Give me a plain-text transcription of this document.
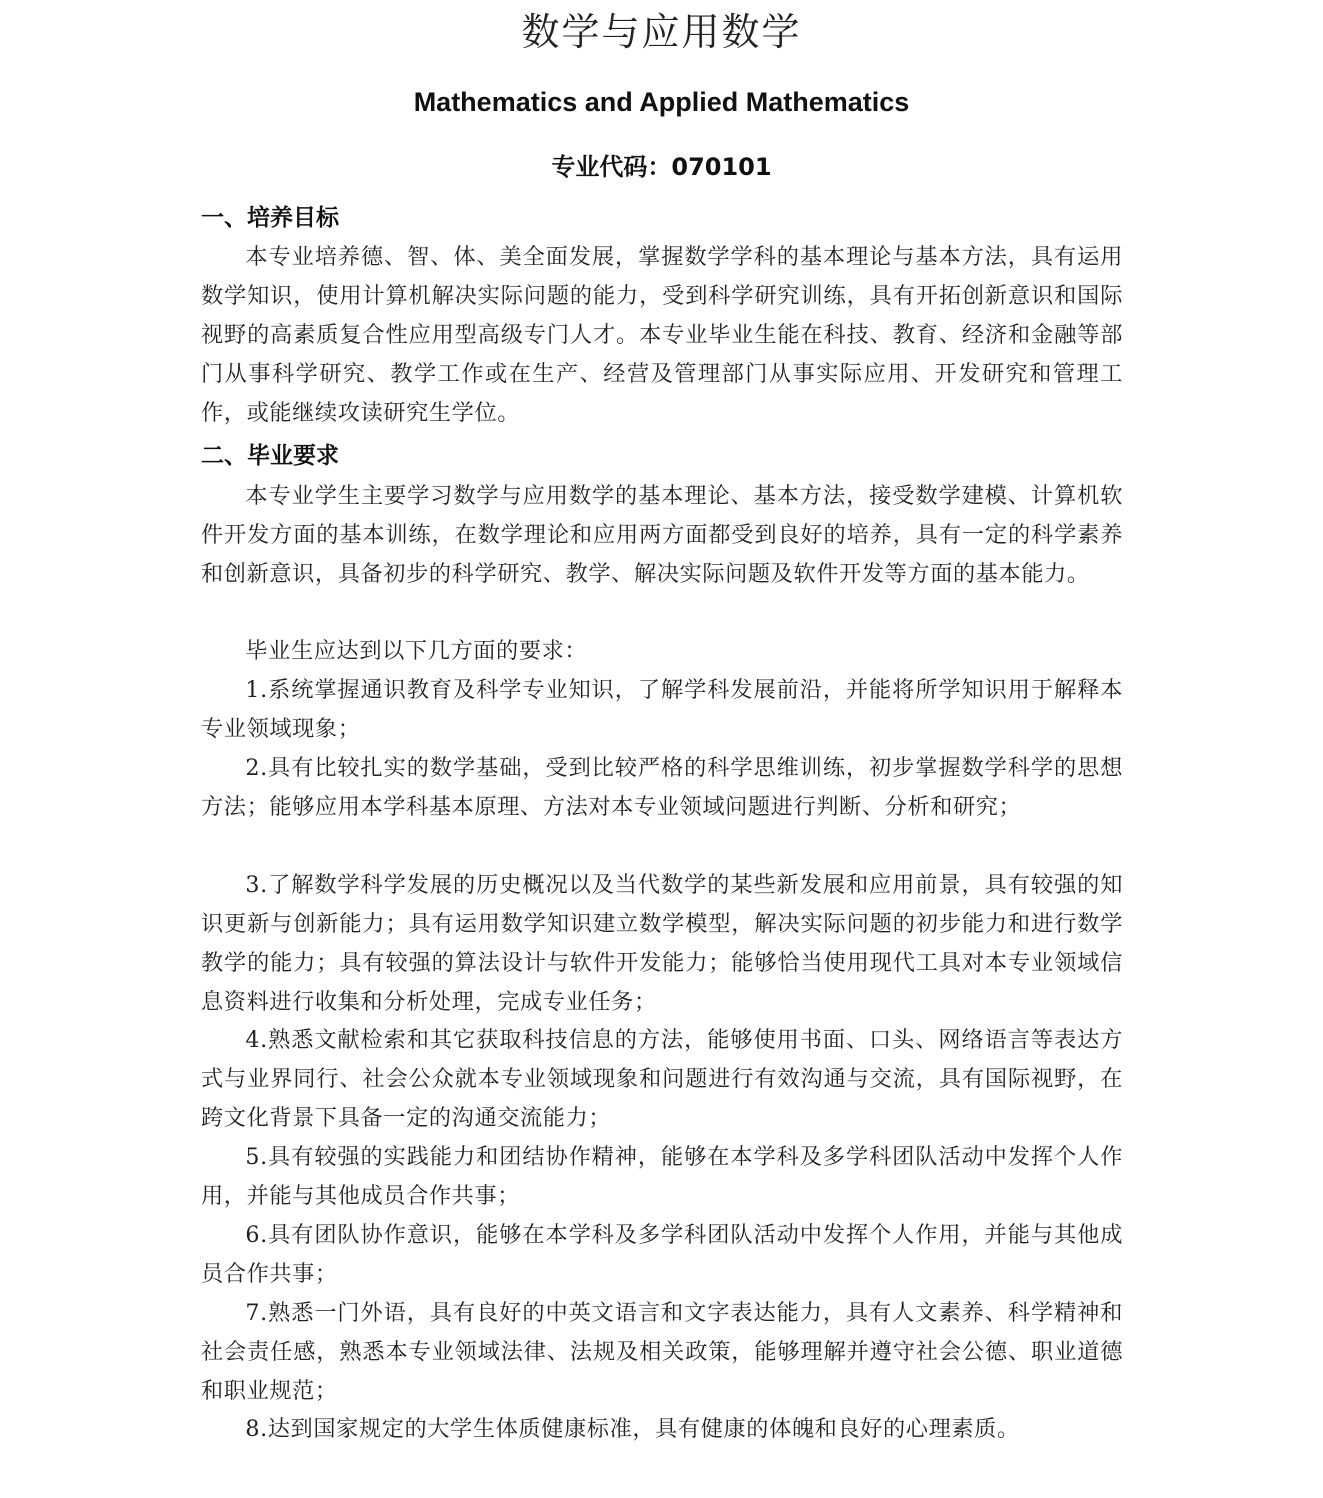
数学与应用数学
Mathematics and Applied Mathematics
专业代码：070101
一、培养目标

本专业培养德、智、体、美全面发展，掌握数学学科的基本理论与基本方法，具有运用数学知识，使用计算机解决实际问题的能力，受到科学研究训练，具有开拓创新意识和国际视野的高素质复合性应用型高级专门人才。本专业毕业生能在科技、教育、经济和金融等部门从事科学研究、教学工作或在生产、经营及管理部门从事实际应用、开发研究和管理工作，或能继续攻读研究生学位。

二、毕业要求

本专业学生主要学习数学与应用数学的基本理论、基本方法，接受数学建模、计算机软件开发方面的基本训练，在数学理论和应用两方面都受到良好的培养，具有一定的科学素养和创新意识，具备初步的科学研究、教学、解决实际问题及软件开发等方面的基本能力。

毕业生应达到以下几方面的要求：

1.系统掌握通识教育及科学专业知识，了解学科发展前沿，并能将所学知识用于解释本专业领域现象；

2.具有比较扎实的数学基础，受到比较严格的科学思维训练，初步掌握数学科学的思想方法；能够应用本学科基本原理、方法对本专业领域问题进行判断、分析和研究；

3.了解数学科学发展的历史概况以及当代数学的某些新发展和应用前景，具有较强的知识更新与创新能力；具有运用数学知识建立数学模型，解决实际问题的初步能力和进行数学教学的能力；具有较强的算法设计与软件开发能力；能够恰当使用现代工具对本专业领域信息资料进行收集和分析处理，完成专业任务；

4.熟悉文献检索和其它获取科技信息的方法，能够使用书面、口头、网络语言等表达方式与业界同行、社会公众就本专业领域现象和问题进行有效沟通与交流，具有国际视野，在跨文化背景下具备一定的沟通交流能力；

5.具有较强的实践能力和团结协作精神，能够在本学科及多学科团队活动中发挥个人作用，并能与其他成员合作共事；

6.具有团队协作意识，能够在本学科及多学科团队活动中发挥个人作用，并能与其他成员合作共事；

7.熟悉一门外语，具有良好的中英文语言和文字表达能力，具有人文素养、科学精神和社会责任感，熟悉本专业领域法律、法规及相关政策，能够理解并遵守社会公德、职业道德和职业规范；

8.达到国家规定的大学生体质健康标准，具有健康的体魄和良好的心理素质。
